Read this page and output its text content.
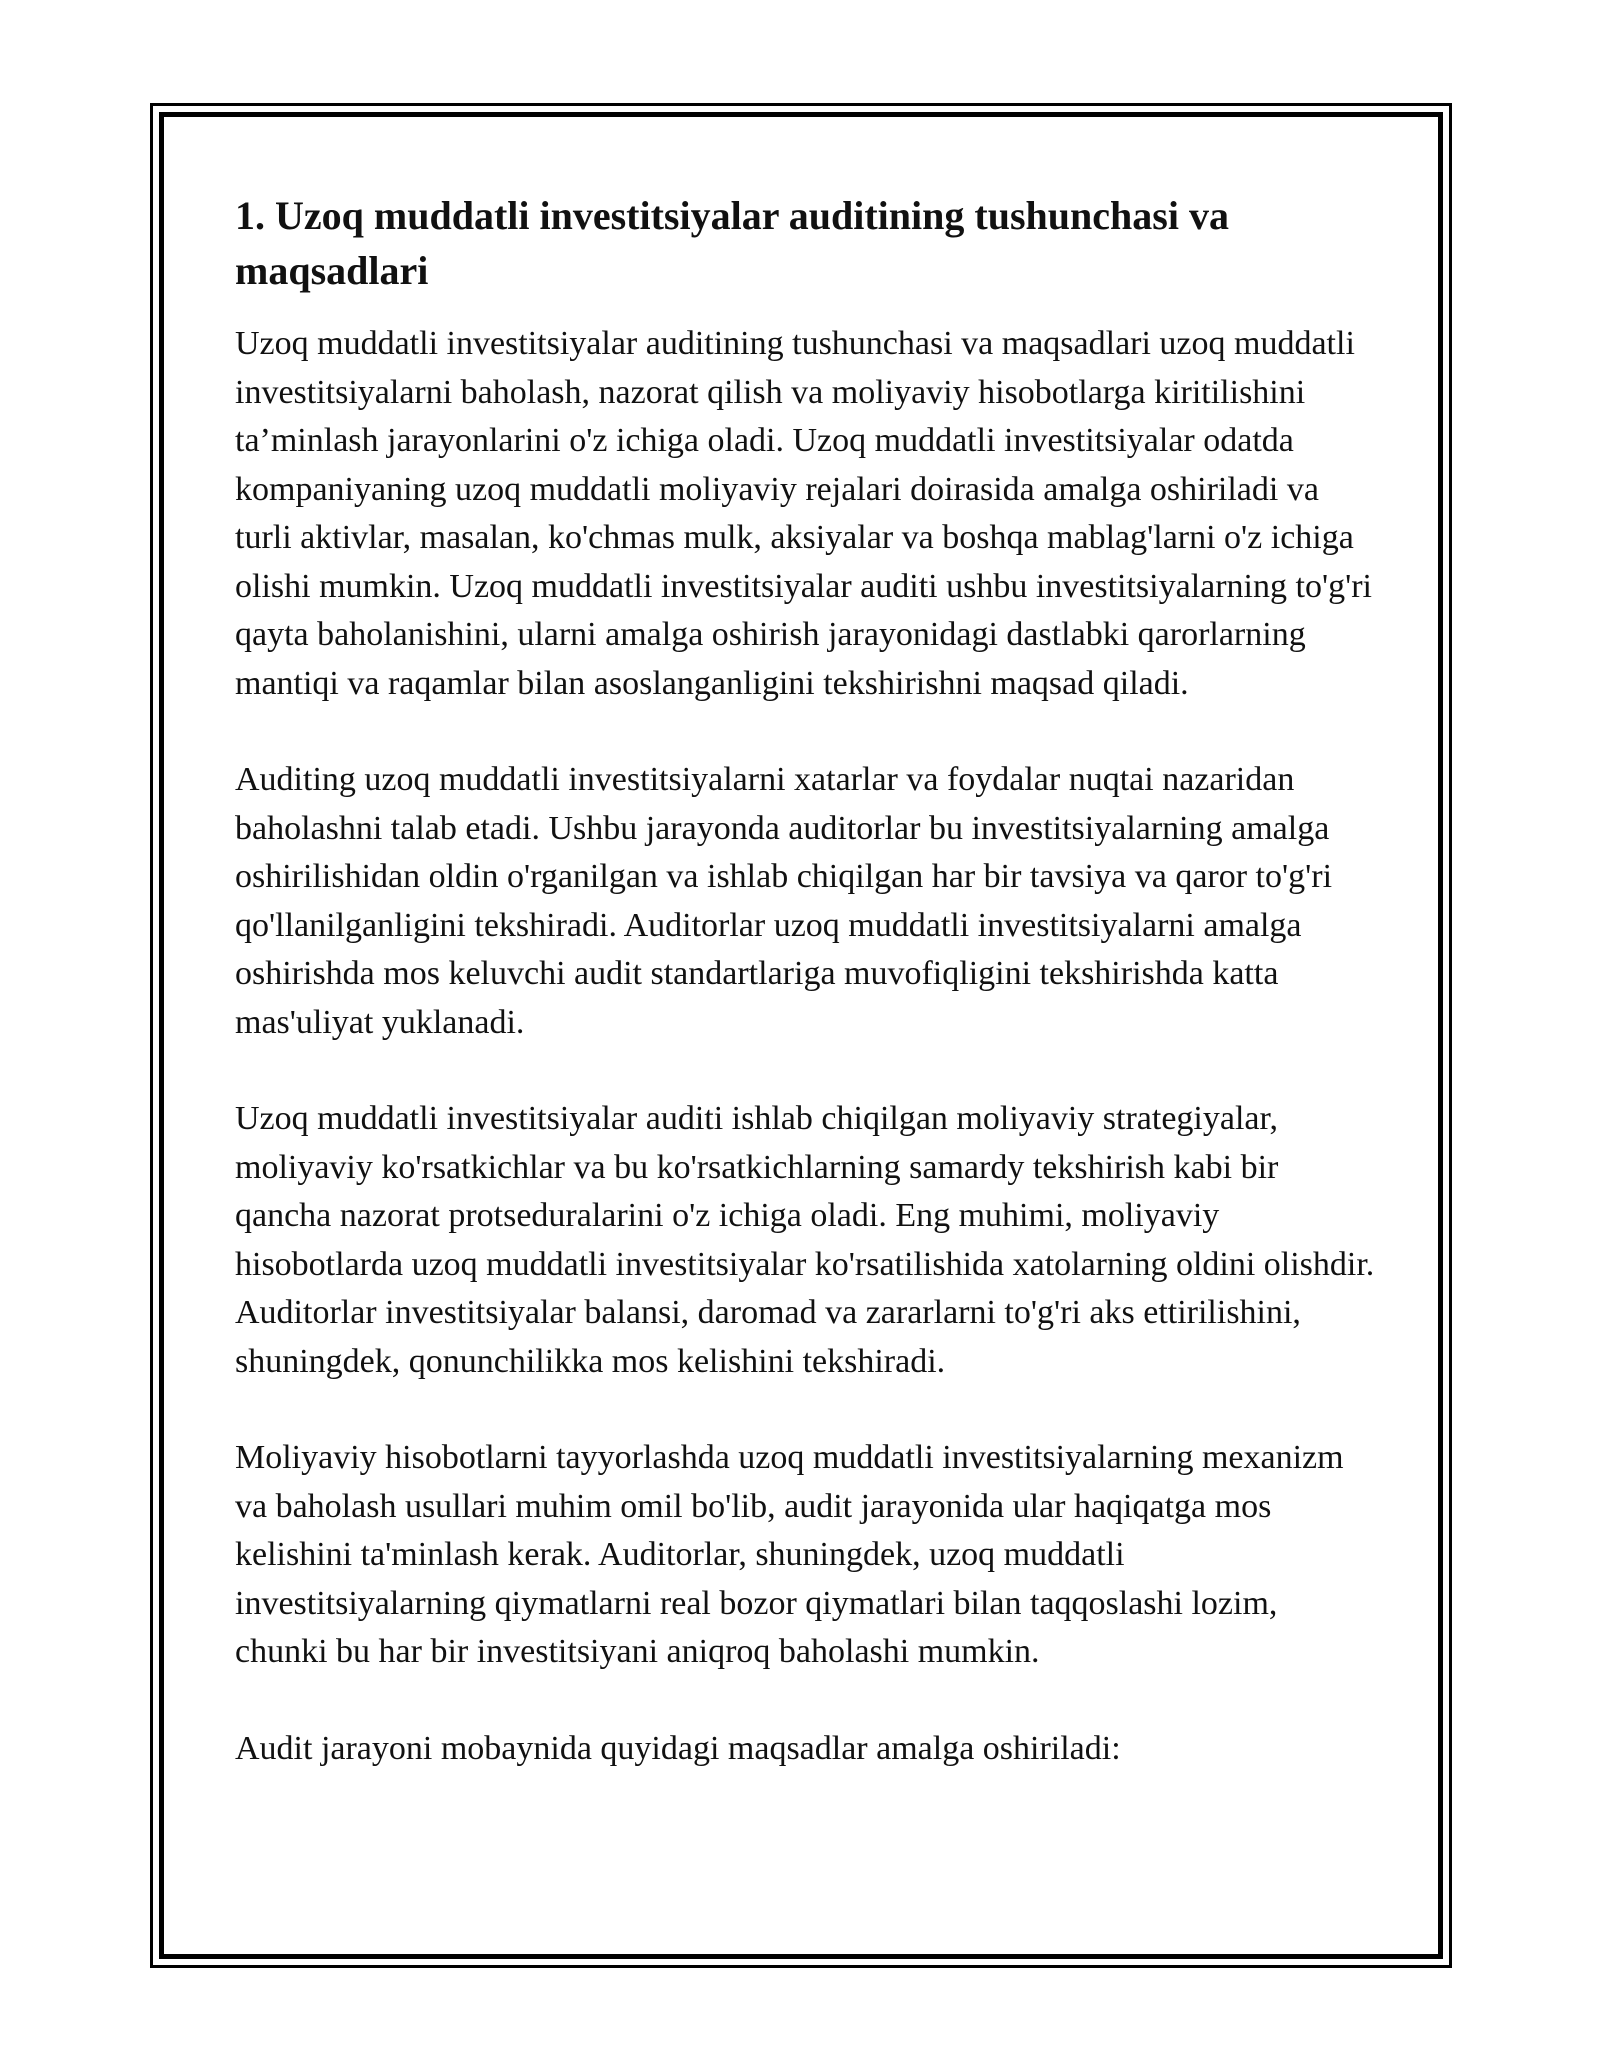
1. Uzoq muddatli investitsiyalar auditining tushunchasi va maqsadlari

Uzoq muddatli investitsiyalar auditining tushunchasi va maqsadlari uzoq muddatli investitsiyalarni baholash, nazorat qilish va moliyaviy hisobotlarga kiritilishini ta’minlash jarayonlarini o'z ichiga oladi. Uzoq muddatli investitsiyalar odatda kompaniyaning uzoq muddatli moliyaviy rejalari doirasida amalga oshiriladi va turli aktivlar, masalan, ko'chmas mulk, aksiyalar va boshqa mablag'larni o'z ichiga olishi mumkin. Uzoq muddatli investitsiyalar auditi ushbu investitsiyalarning to'g'ri qayta baholanishini, ularni amalga oshirish jarayonidagi dastlabki qarorlarning mantiqi va raqamlar bilan asoslanganligini tekshirishni maqsad qiladi.

Auditing uzoq muddatli investitsiyalarni xatarlar va foydalar nuqtai nazaridan baholashni talab etadi. Ushbu jarayonda auditorlar bu investitsiyalarning amalga oshirilishidan oldin o'rganilgan va ishlab chiqilgan har bir tavsiya va qaror to'g'ri qo'llanilganligini tekshiradi. Auditorlar uzoq muddatli investitsiyalarni amalga oshirishda mos keluvchi audit standartlariga muvofiqligini tekshirishda katta mas'uliyat yuklanadi.

Uzoq muddatli investitsiyalar auditi ishlab chiqilgan moliyaviy strategiyalar, moliyaviy ko'rsatkichlar va bu ko'rsatkichlarning samardy tekshirish kabi bir qancha nazorat protseduralarini o'z ichiga oladi. Eng muhimi, moliyaviy hisobotlarda uzoq muddatli investitsiyalar ko'rsatilishida xatolarning oldini olishdir. Auditorlar investitsiyalar balansi, daromad va zararlarni to'g'ri aks ettirilishini, shuningdek, qonunchilikka mos kelishini tekshiradi.

Moliyaviy hisobotlarni tayyorlashda uzoq muddatli investitsiyalarning mexanizm va baholash usullari muhim omil bo'lib, audit jarayonida ular haqiqatga mos kelishini ta'minlash kerak. Auditorlar, shuningdek, uzoq muddatli investitsiyalarning qiymatlarni real bozor qiymatlari bilan taqqoslashi lozim, chunki bu har bir investitsiyani aniqroq baholashi mumkin.

Audit jarayoni mobaynida quyidagi maqsadlar amalga oshiriladi:
